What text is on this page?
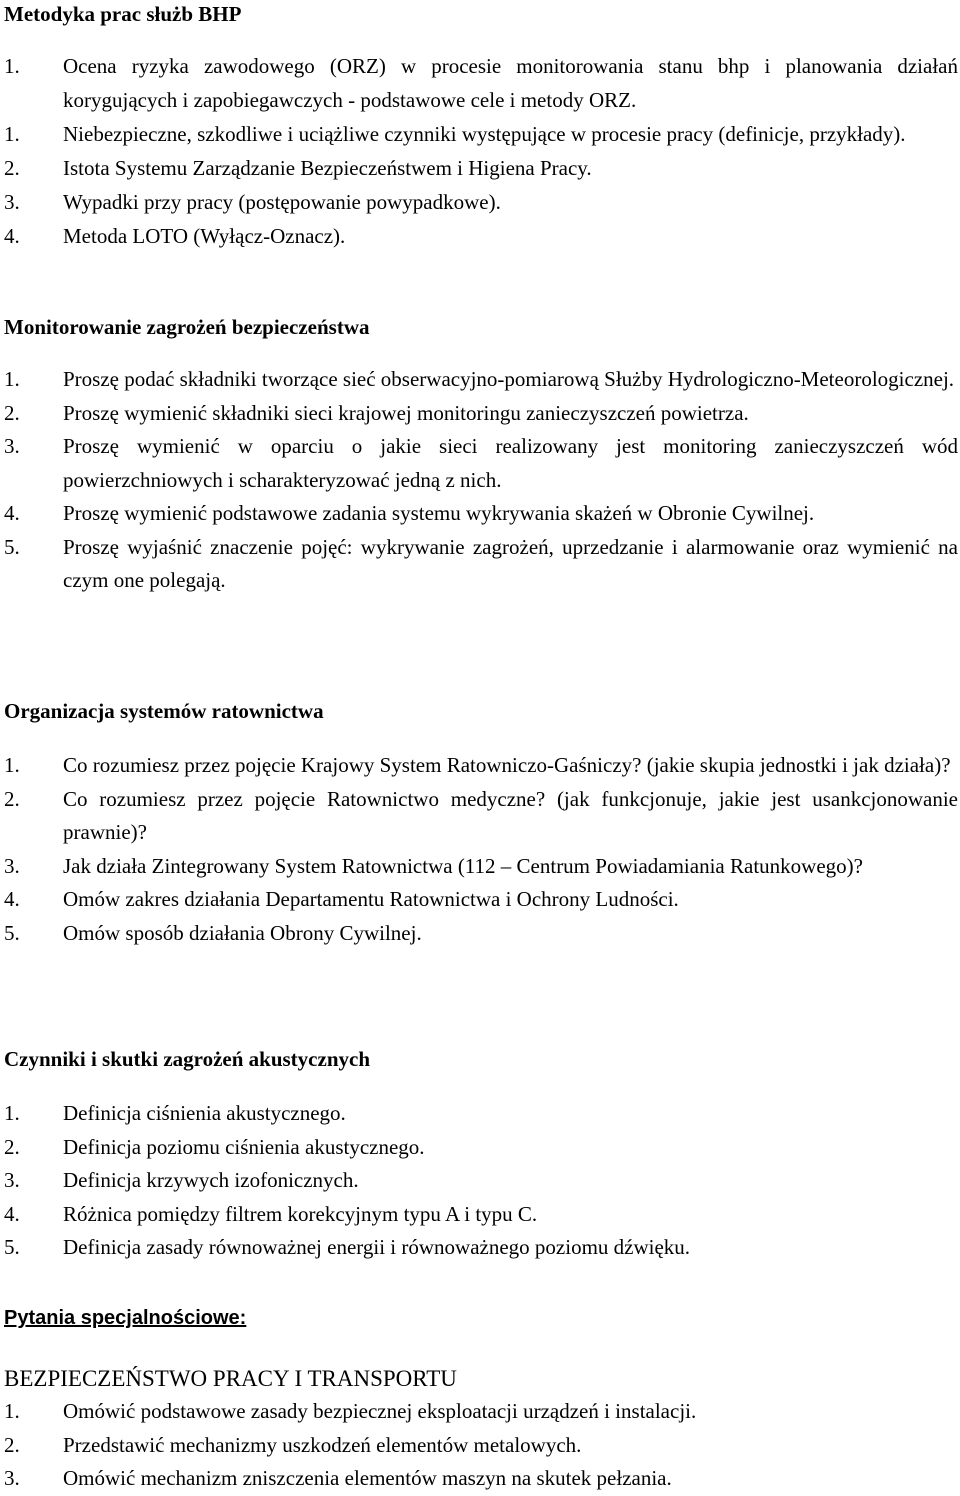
Metodyka prac służb BHP
1. Ocena ryzyka zawodowego (ORZ) w procesie monitorowania stanu bhp i planowania działań korygujących i zapobiegawczych - podstawowe cele i metody ORZ.
1. Niebezpieczne, szkodliwe i uciążliwe czynniki występujące w procesie pracy (definicje, przykłady).
2. Istota Systemu Zarządzanie Bezpieczeństwem i Higiena Pracy.
3. Wypadki przy pracy (postępowanie powypadkowe).
4. Metoda LOTO (Wyłącz-Oznacz).
Monitorowanie zagrożeń bezpieczeństwa
1. Proszę podać składniki tworzące sieć obserwacyjno-pomiarową Służby Hydrologiczno-Meteorologicznej.
2. Proszę wymienić składniki sieci krajowej monitoringu zanieczyszczeń powietrza.
3. Proszę wymienić w oparciu o jakie sieci realizowany jest monitoring zanieczyszczeń wód powierzchniowych i scharakteryzować jedną z nich.
4. Proszę wymienić podstawowe zadania systemu wykrywania skażeń w Obronie Cywilnej.
5. Proszę wyjaśnić znaczenie pojęć: wykrywanie zagrożeń, uprzedzanie i alarmowanie oraz wymienić na czym one polegają.
Organizacja systemów ratownictwa
1. Co rozumiesz przez pojęcie Krajowy System Ratowniczo-Gaśniczy? (jakie skupia jednostki i jak działa)?
2. Co rozumiesz przez pojęcie Ratownictwo medyczne? (jak funkcjonuje, jakie jest usankcjonowanie prawnie)?
3. Jak działa Zintegrowany System Ratownictwa (112 – Centrum Powiadamiania Ratunkowego)?
4. Omów zakres działania Departamentu Ratownictwa i Ochrony Ludności.
5. Omów sposób działania Obrony Cywilnej.
Czynniki i skutki zagrożeń akustycznych
1. Definicja ciśnienia akustycznego.
2. Definicja poziomu ciśnienia akustycznego.
3. Definicja krzywych izofonicznych.
4. Różnica pomiędzy filtrem korekcyjnym typu A i typu C.
5. Definicja zasady równoważnej energii i równoważnego poziomu dźwięku.
Pytania specjalnościowe:
BEZPIECZEŃSTWO PRACY I TRANSPORTU
1. Omówić podstawowe zasady bezpiecznej eksploatacji urządzeń i instalacji.
2. Przedstawić mechanizmy uszkodzeń elementów metalowych.
3. Omówić mechanizm zniszczenia elementów maszyn na skutek pełzania.
